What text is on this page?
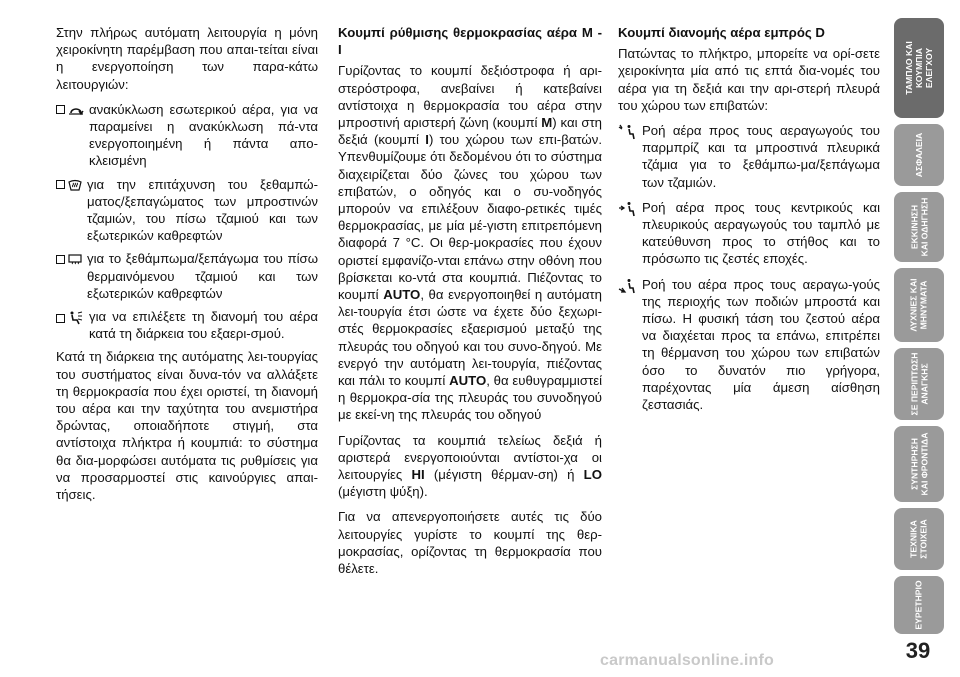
Στην πλήρως αυτόματη λειτουργία η μόνη χειροκίνητη παρέμβαση που απαι-τείται είναι η ενεργοποίηση των παρα-κάτω λειτουργιών:

ανακύκλωση εσωτερικού αέρα, για να παραμείνει η ανακύκλωση πά-ντα ενεργοποιημένη ή πάντα απο-κλεισμένη
για την επιτάχυνση του ξεθαμπώ-ματος/ξεπαγώματος των μπροστινών τζαμιών, του πίσω τζαμιού και των εξωτερικών καθρεφτών
για το ξεθάμπωμα/ξεπάγωμα του πίσω θερμαινόμενου τζαμιού και των εξωτερικών καθρεφτών
για να επιλέξετε τη διανομή του αέρα κατά τη διάρκεια του εξαερι-σμού.

Κατά τη διάρκεια της αυτόματης λει-τουργίας του συστήματος είναι δυνα-τόν να αλλάξετε τη θερμοκρασία που έχει οριστεί, τη διανομή του αέρα και την ταχύτητα του ανεμιστήρα δρώντας, οποιαδήποτε στιγμή, στα αντίστοιχα πλήκτρα ή κουμπιά: το σύστημα θα δια-μορφώσει αυτόματα τις ρυθμίσεις για να προσαρμοστεί στις καινούργιες απαι-τήσεις.

Κουμπί ρύθμισης θερμοκρασίας αέρα M - I

Γυρίζοντας το κουμπί δεξιόστροφα ή αρι-στερόστροφα, ανεβαίνει ή κατεβαίνει αντίστοιχα η θερμοκρασία του αέρα στην μπροστινή αριστερή ζώνη (κουμπί M) και στη δεξιά (κουμπί I) του χώρου των επι-βατών. Υπενθυμίζουμε ότι δεδομένου ότι το σύστημα διαχειρίζεται δύο ζώνες του χώρου των επιβατών, ο οδηγός και ο συ-νοδηγός μπορούν να επιλέξουν διαφο-ρετικές τιμές θερμοκρασίας, με μία μέ-γιστη επιτρεπόμενη διαφορά 7 °C. Οι θερ-μοκρασίες που έχουν οριστεί εμφανίζο-νται επάνω στην οθόνη που βρίσκεται κο-ντά στα κουμπιά. Πιέζοντας το κουμπί AUTO, θα ενεργοποιηθεί η αυτόματη λει-τουργία έτσι ώστε να έχετε δύο ξεχωρι-στές θερμοκρασίες εξαερισμού μεταξύ της πλευράς του οδηγού και του συνο-δηγού. Με ενεργό την αυτόματη λει-τουργία, πιέζοντας και πάλι το κουμπί AUTO, θα ευθυγραμμιστεί η θερμοκρα-σία της πλευράς του συνοδηγού με εκεί-νη της πλευράς του οδηγού

Γυρίζοντας τα κουμπιά τελείως δεξιά ή αριστερά ενεργοποιούνται αντίστοι-χα οι λειτουργίες HI (μέγιστη θέρμαν-ση) ή LO (μέγιστη ψύξη).

Για να απενεργοποιήσετε αυτές τις δύο λειτουργίες γυρίστε το κουμπί της θερ-μοκρασίας, ορίζοντας τη θερμοκρασία που θέλετε.

Κουμπί διανομής αέρα εμπρός D

Πατώντας το πλήκτρο, μπορείτε να ορί-σετε χειροκίνητα μία από τις επτά δια-νομές του αέρα για τη δεξιά και την αρι-στερή πλευρά του χώρου των επιβατών:

Ροή αέρα προς τους αεραγωγούς του παρμπρίζ και τα μπροστινά πλευρικά τζάμια για το ξεθάμπω-μα/ξεπάγωμα των τζαμιών.
Ροή αέρα προς τους κεντρικούς και πλευρικούς αεραγωγούς του ταμπλό με κατεύθυνση προς το στήθος και το πρόσωπο τις ζεστές εποχές.
Ροή του αέρα προς τους αεραγω-γούς της περιοχής των ποδιών μπροστά και πίσω. Η φυσική τάση του ζεστού αέρα να διαχέεται προς τα επάνω, επιτρέπει τη θέρμανση του χώρου των επιβατών όσο το δυνατόν πιο γρήγορα, παρέχοντας μία άμεση αίσθηση ζεστασιάς.
ΤΑΜΠΛΟ ΚΑΙ
ΚΟΥΜΠΙΑ
ΕΛΕΓΧΟΥ
ΑΣΦΑΛΕΙΑ
ΕΚΚΙΝΗΣΗ
ΚΑΙ ΟΔΗΓΗΣΗ
ΛΥΧΝΙΕΣ ΚΑΙ
ΜΗΝΥΜΑΤΑ
ΣΕ ΠΕΡΙΠΤΩΣΗ
ΑΝΑΓΚΗΣ
ΣΥΝΤΗΡΗΣΗ
ΚΑΙ ΦΡΟΝΤΙΔΑ
ΤΕΧΝΙΚΑ
ΣΤΟΙΧΕΙΑ
ΕΥΡΕΤΗΡΙΟ
39
carmanualsonline.info
